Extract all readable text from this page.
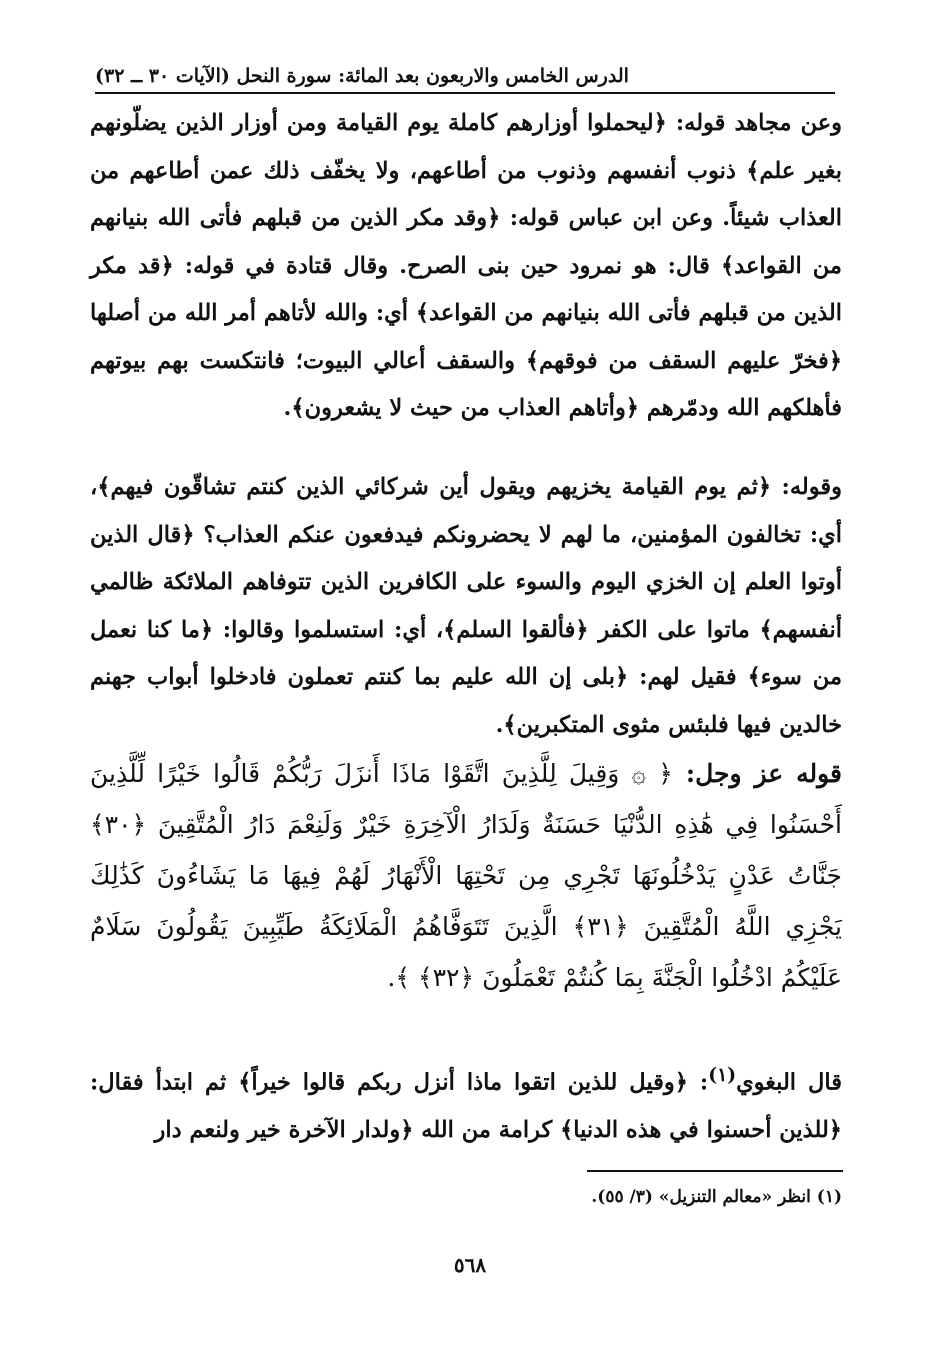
الدرس الخامس والاربعون بعد المائة: سورة النحل (الآيات ٣٠ ــ ٣٢)

وعن مجاهد قوله: ﴿ليحملوا أوزارهم كاملة يوم القيامة ومن أوزار الذين يضلّونهم بغير علم﴾ ذنوب أنفسهم وذنوب من أطاعهم، ولا يخفّف ذلك عمن أطاعهم من العذاب شيئاً. وعن ابن عباس قوله: ﴿وقد مكر الذين من قبلهم فأتى الله بنيانهم من القواعد﴾ قال: هو نمرود حين بنى الصرح. وقال قتادة في قوله: ﴿قد مكر الذين من قبلهم فأتى الله بنيانهم من القواعد﴾ أي: والله لأتاهم أمر الله من أصلها ﴿فخرّ عليهم السقف من فوقهم﴾ والسقف أعالي البيوت؛ فانتكست بهم بيوتهم فأهلكهم الله ودمّرهم ﴿وأتاهم العذاب من حيث لا يشعرون﴾.

وقوله: ﴿ثم يوم القيامة يخزيهم ويقول أين شركائي الذين كنتم تشاقّون فيهم﴾، أي: تخالفون المؤمنين، ما لهم لا يحضرونكم فيدفعون عنكم العذاب؟ ﴿قال الذين أوتوا العلم إن الخزي اليوم والسوء على الكافرين الذين تتوفاهم الملائكة ظالمي أنفسهم﴾ ماتوا على الكفر ﴿فألقوا السلم﴾، أي: استسلموا وقالوا: ﴿ما كنا نعمل من سوء﴾ فقيل لهم: ﴿بلى إن الله عليم بما كنتم تعملون فادخلوا أبواب جهنم خالدين فيها فلبئس مثوى المتكبرين﴾.

قوله عز وجل: ﴿ ۞ وَقِيلَ لِلَّذِينَ اتَّقَوْا مَاذَا أَنزَلَ رَبُّكُمْ قَالُوا خَيْرًا لِّلَّذِينَ أَحْسَنُوا فِي هَٰذِهِ الدُّنْيَا حَسَنَةٌ وَلَدَارُ الْآخِرَةِ خَيْرٌ وَلَنِعْمَ دَارُ الْمُتَّقِينَ ﴿٣٠﴾ جَنَّاتُ عَدْنٍ يَدْخُلُونَهَا تَجْرِي مِن تَحْتِهَا الْأَنْهَارُ لَهُمْ فِيهَا مَا يَشَاءُونَ كَذَٰلِكَ يَجْزِي اللَّهُ الْمُتَّقِينَ ﴿٣١﴾ الَّذِينَ تَتَوَفَّاهُمُ الْمَلَائِكَةُ طَيِّبِينَ يَقُولُونَ سَلَامٌ عَلَيْكُمُ ادْخُلُوا الْجَنَّةَ بِمَا كُنتُمْ تَعْمَلُونَ ﴿٣٢﴾ ﴾.

قال البغوي$^{(١)}$: ﴿وقيل للذين اتقوا ماذا أنزل ربكم قالوا خيراً﴾ ثم ابتدأ فقال: ﴿للذين أحسنوا في هذه الدنيا﴾ كرامة من الله ﴿ولدار الآخرة خير ولنعم دار

(١) انظر «معالم التنزيل» (٣/ ٥٥).
٥٦٨
